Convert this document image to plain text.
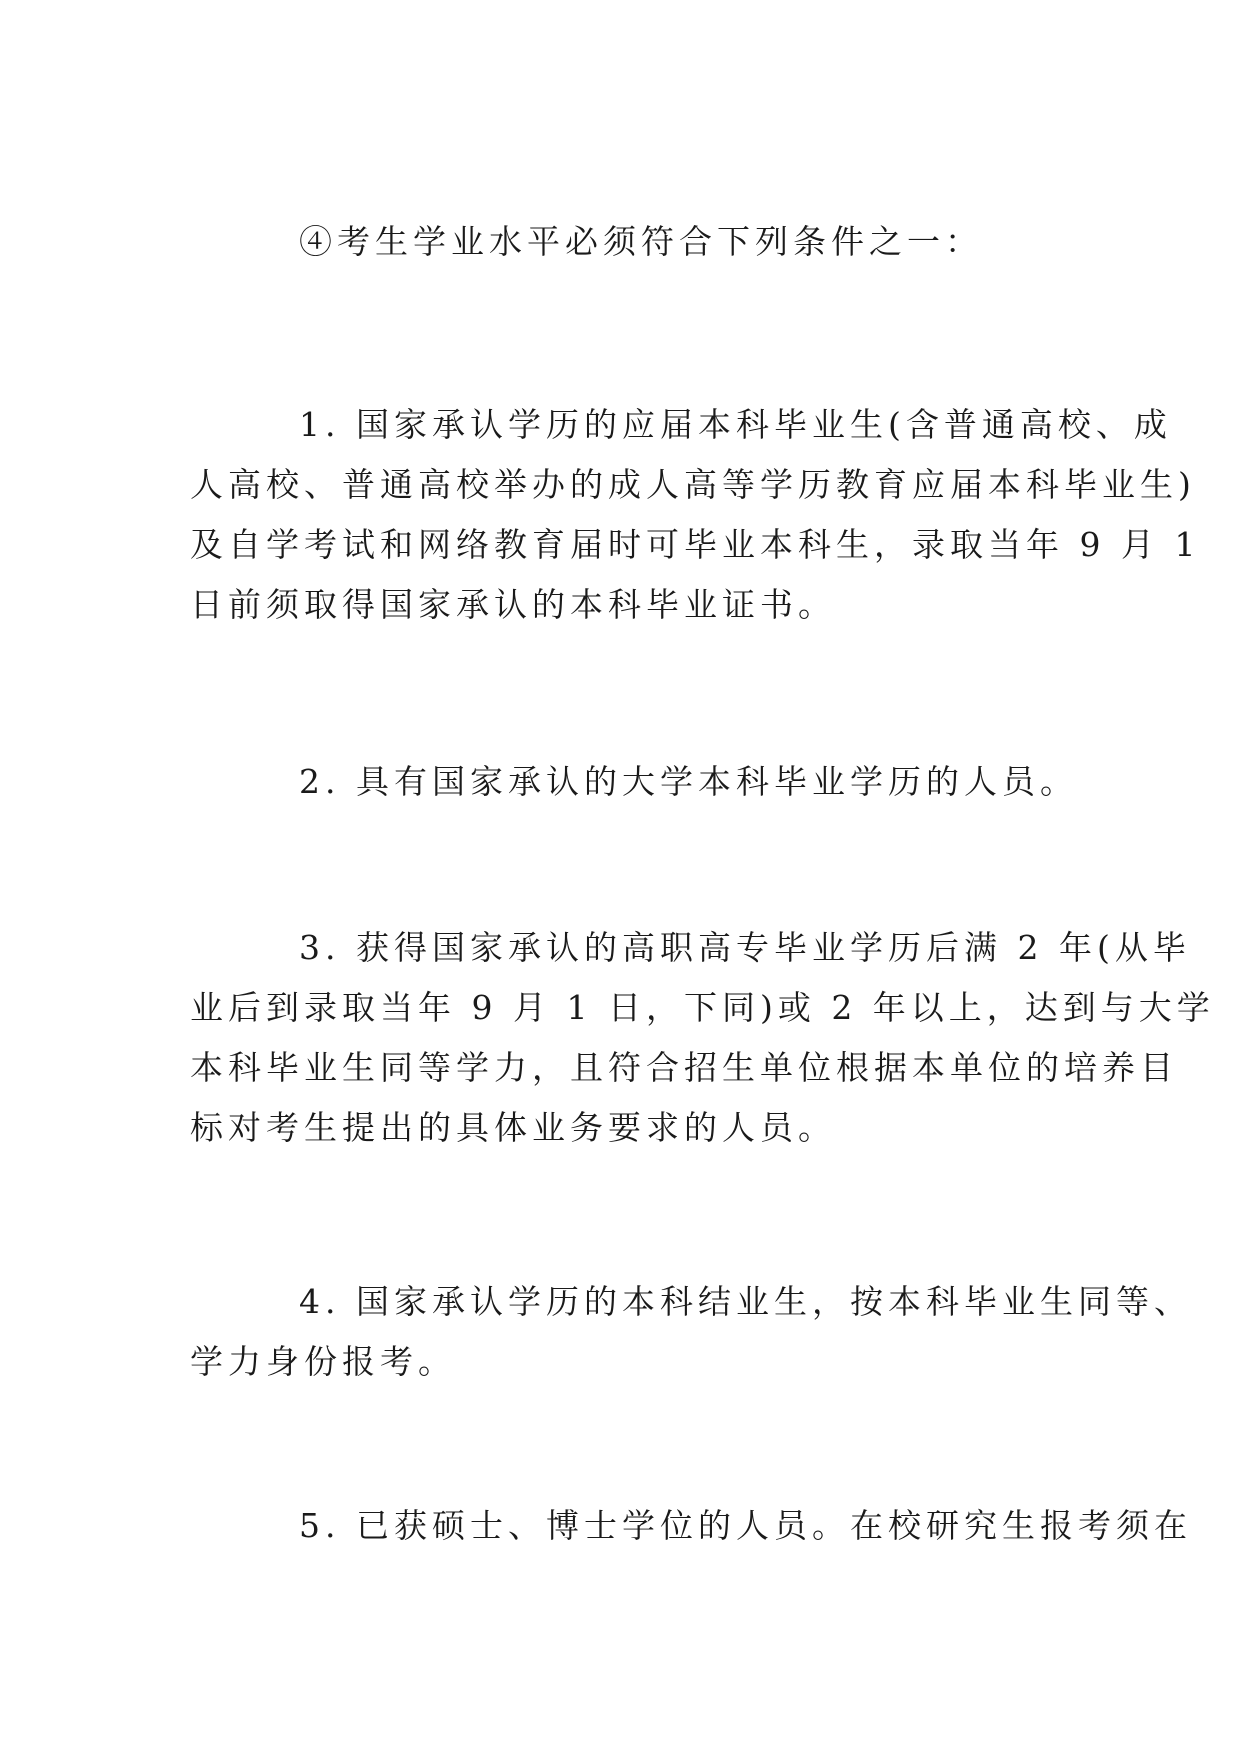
④考生学业水平必须符合下列条件之一：

1. 国家承认学历的应届本科毕业生(含普通高校、成
人高校、普通高校举办的成人高等学历教育应届本科毕业生)
及自学考试和网络教育届时可毕业本科生，录取当年 9 月 1
日前须取得国家承认的本科毕业证书。

2. 具有国家承认的大学本科毕业学历的人员。

3. 获得国家承认的高职高专毕业学历后满 2 年(从毕
业后到录取当年 9 月 1 日，下同)或 2 年以上，达到与大学
本科毕业生同等学力，且符合招生单位根据本单位的培养目
标对考生提出的具体业务要求的人员。

4. 国家承认学历的本科结业生，按本科毕业生同等、
学力身份报考。

5. 已获硕士、博士学位的人员。在校研究生报考须在
